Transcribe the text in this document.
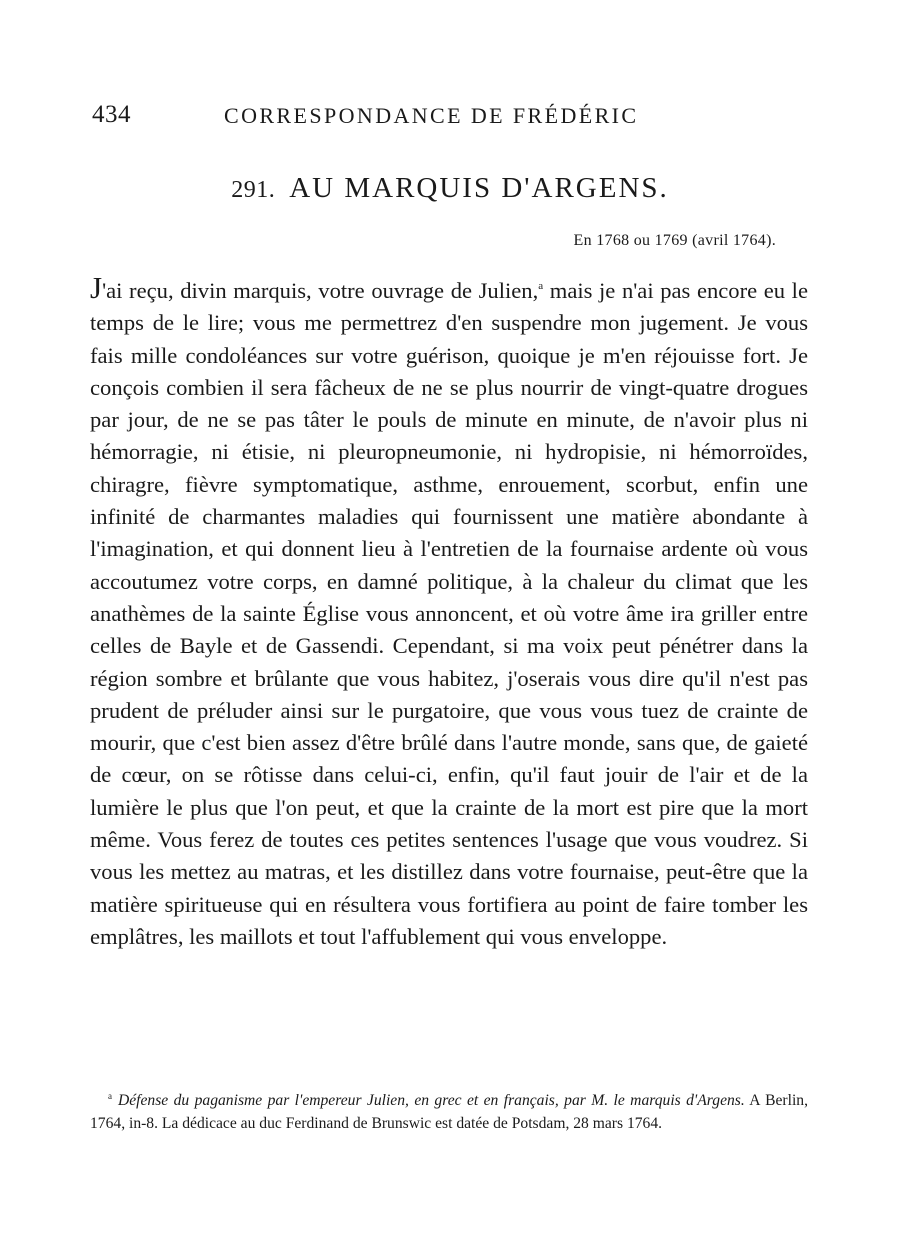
434	CORRESPONDANCE DE FRÉDÉRIC
291. AU MARQUIS D'ARGENS.
En 1768 ou 1769 (avril 1764).
J'ai reçu, divin marquis, votre ouvrage de Julien,$^a$ mais je n'ai pas encore eu le temps de le lire; vous me permettrez d'en suspendre mon jugement. Je vous fais mille condoléances sur votre guérison, quoique je m'en réjouisse fort. Je conçois combien il sera fâcheux de ne se plus nourrir de vingt-quatre drogues par jour, de ne se pas tâter le pouls de minute en minute, de n'avoir plus ni hémorragie, ni étisie, ni pleuropneumonie, ni hydropisie, ni hémorroïdes, chiragre, fièvre symptomatique, asthme, enrouement, scorbut, enfin une infinité de charmantes maladies qui fournissent une matière abondante à l'imagination, et qui donnent lieu à l'entretien de la fournaise ardente où vous accoutumez votre corps, en damné politique, à la chaleur du climat que les anathèmes de la sainte Église vous annoncent, et où votre âme ira griller entre celles de Bayle et de Gassendi. Cependant, si ma voix peut pénétrer dans la région sombre et brûlante que vous habitez, j'oserais vous dire qu'il n'est pas prudent de préluder ainsi sur le purgatoire, que vous vous tuez de crainte de mourir, que c'est bien assez d'être brûlé dans l'autre monde, sans que, de gaieté de cœur, on se rôtisse dans celui-ci, enfin, qu'il faut jouir de l'air et de la lumière le plus que l'on peut, et que la crainte de la mort est pire que la mort même. Vous ferez de toutes ces petites sentences l'usage que vous voudrez. Si vous les mettez au matras, et les distillez dans votre fournaise, peut-être que la matière spiritueuse qui en résultera vous fortifiera au point de faire tomber les emplâtres, les maillots et tout l'affublement qui vous enveloppe.
$^a$ Défense du paganisme par l'empereur Julien, en grec et en français, par M. le marquis d'Argens. A Berlin, 1764, in-8. La dédicace au duc Ferdinand de Brunswic est datée de Potsdam, 28 mars 1764.
